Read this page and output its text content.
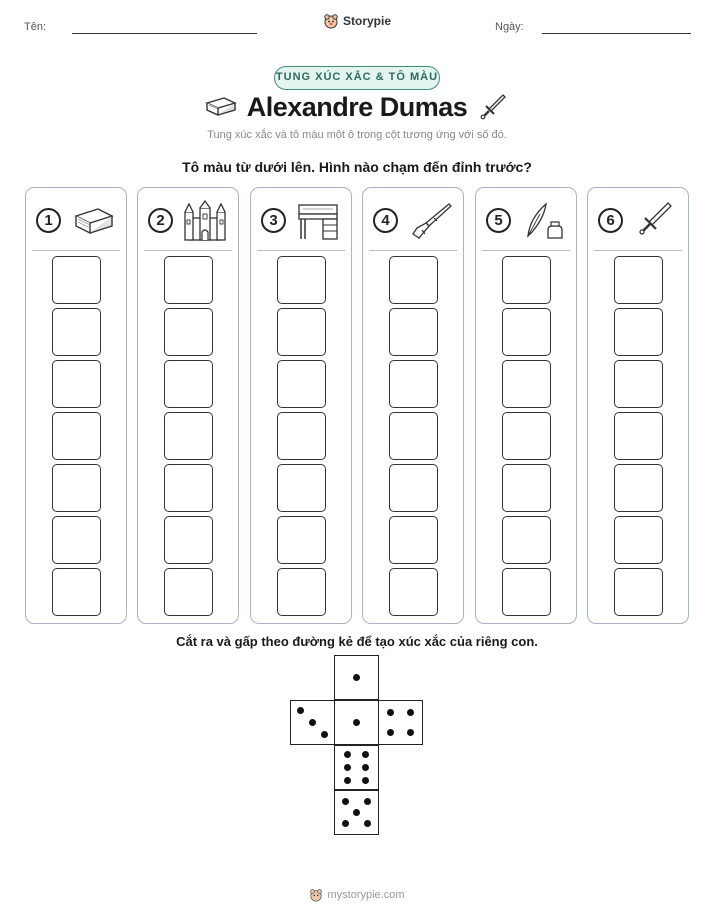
Tên:	Storypie	Ngày:
TUNG XÚC XẮC & TÔ MÀU
Alexandre Dumas
Tung xúc xắc và tô màu một ô trong cột tương ứng với số đó.
Tô màu từ dưới lên. Hình nào chạm đến đỉnh trước?
1	2	3	4	5	6
Cắt ra và gấp theo đường kẻ để tạo xúc xắc của riêng con.
mystorypie.com
